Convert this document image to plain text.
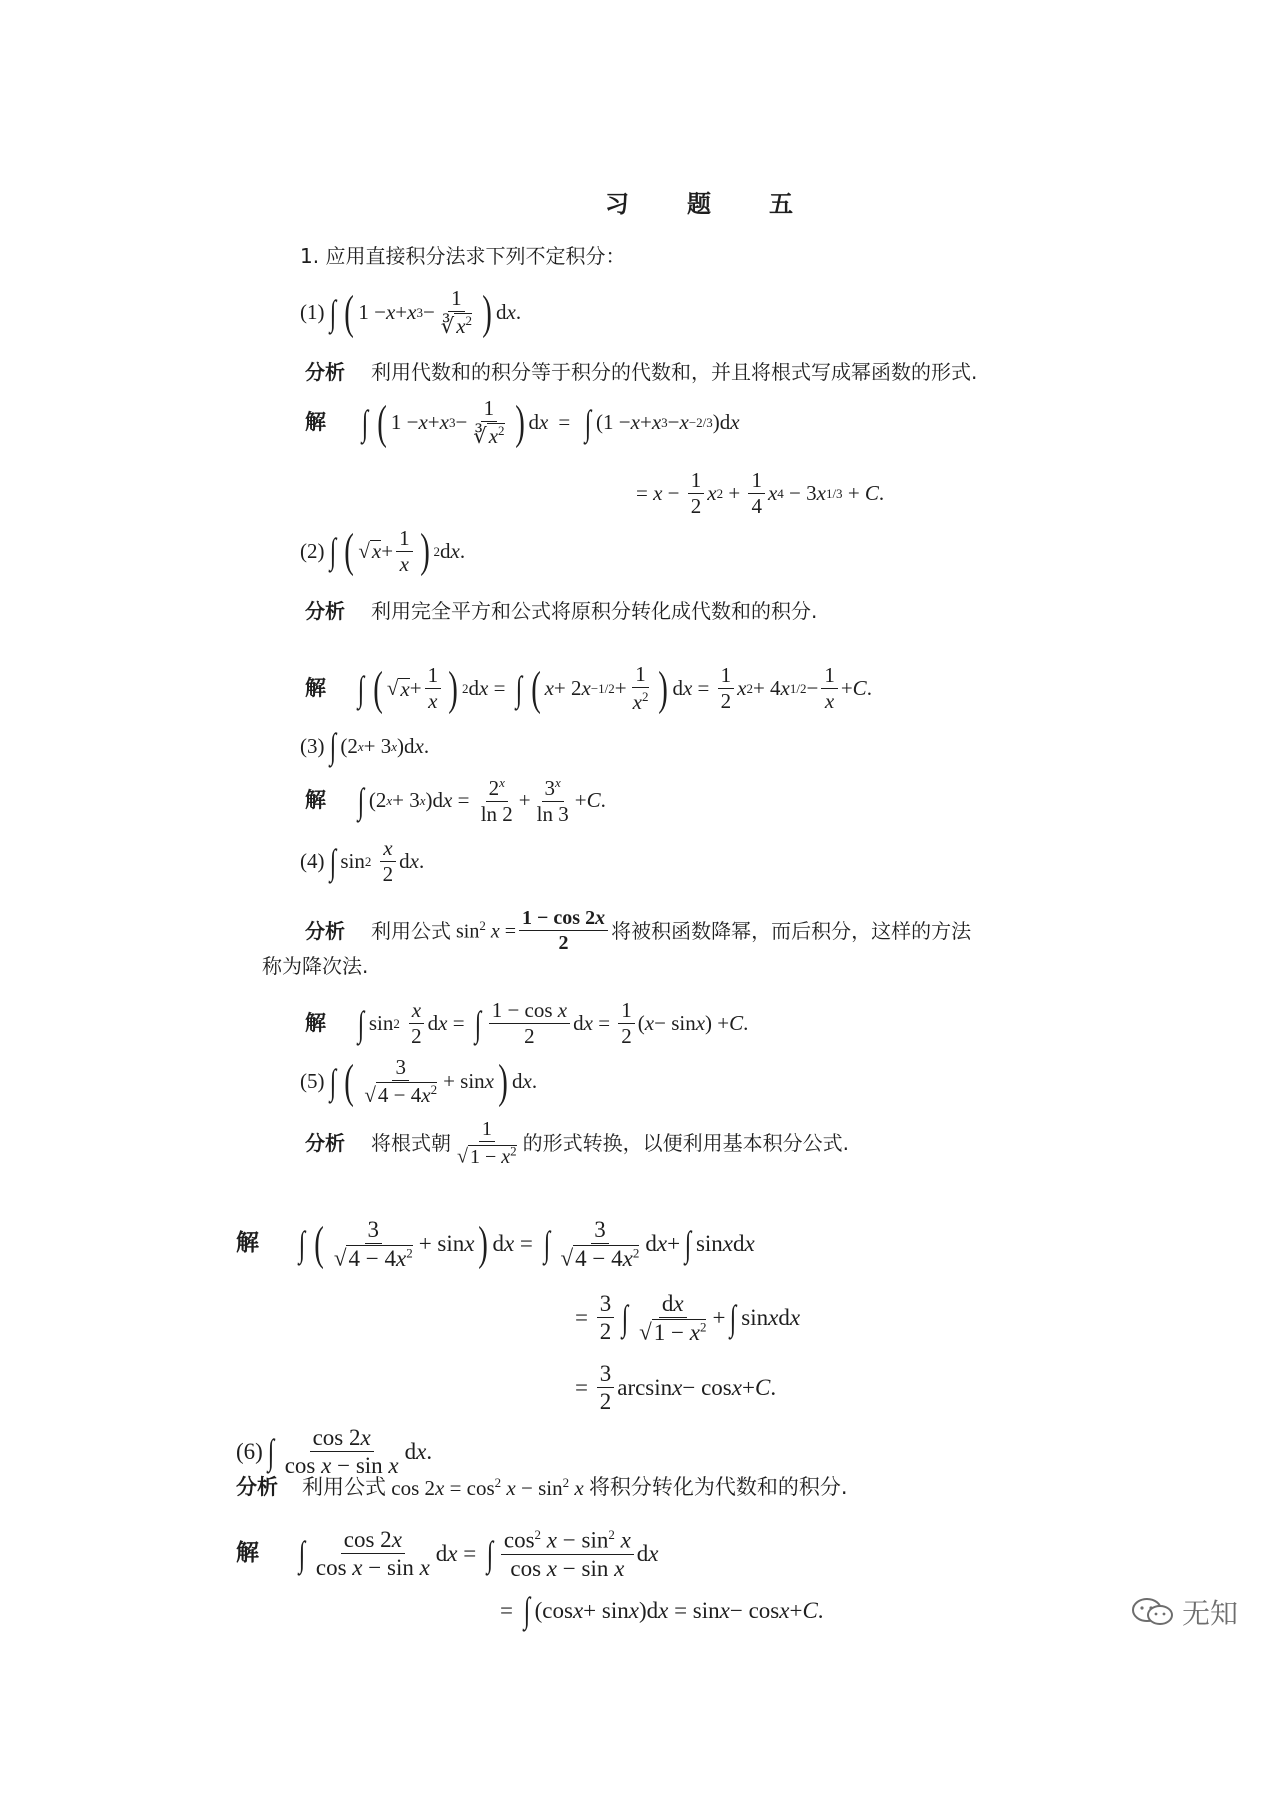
习 题 五
1. 应用直接积分法求下列不定积分：
(1) ∫ ( 1 − x + x $3 - \frac{1}{∛x^2}$ ) d x .
分析	利用代数和的积分等于积分的代数和，并且将根式写成幂函数的形式.
解 ∫ ( 1 − x + x $3 - \frac{1}{∛x^2}$ ) d x = ∫ (1 − x + x 3 − x −2/3 )d x
= $x - \frac{1}{2}$ x $2 + \frac{1}{4}$ x 4 − 3 x 1/3 + C .
(2) ∫ ( √ $x + \frac{1}{x}$ ) 2 d x .
分析	利用完全平方和公式将原积分转化成代数和的积分.
解 ∫ ( √ $x + \frac{1}{x}$ ) 2 d x = ∫ ( x + 2 $x -1/2 + \frac{1}{x^2}$ ) d $x = \frac{1}{2}$ x 2 + 4 x $1/2 - \frac{1}{x} + C$ .
(3) ∫ (2 x + 3 x )d x .
解 ∫ (2 x + 3 x )d $x = \frac{2^x}{\ln 2} + \frac{3^x}{\ln 3} + C$ .
(4) ∫ sin 2
$\frac{x}{2}$ d x .
分析	利用公式 $\sin^2 x = \frac{1 - \cos 2x}{2}$ 将被积函数降幂，而后积分，这样的方法
称为降次法.
解 ∫ sin 2
$\frac{x}{2}$ d x = ∫ $\frac{\text{1 − cos x}}{2}$ d $x = \frac{1}{2}$ ( x − sin x ) + C .
(5) ∫ ( $\frac{3}{√4 - 4x^2} + \sin x$ ) d x .
分析	将根式朝 $\frac{1}{√ 1 - x^2}$ 的形式转换，以便利用基本积分公式.
解	∫ ( $\frac{3}{√4 - 4x^2} + \sin x$ ) d x = ∫ $\frac{3}{√4 - 4x^2}$ d x + ∫ sin x d x
= $\frac{3}{2}$ ∫ $\frac{dx}{√1 - x^2}$ + ∫ sin x d x
= $\frac{3}{2}$ arcsin x − cos x + C .
(6) ∫ $\frac{\cos 2x}{\text{cos x − sin x}}$ d x .
分析	利用公式 $\cos 2x = \cos^2 x - \sin^2 x$ 将积分转化为代数和的积分.
解	∫ $\frac{\cos 2x}{\text{cos x − sin x}}$ d x = ∫ $\frac{\cos^2 x - \sin^2 x}{\text{cos x − sin x}}$ d x
= ∫ (cos x + sin x )d x = sin x − cos x + C .	无知
